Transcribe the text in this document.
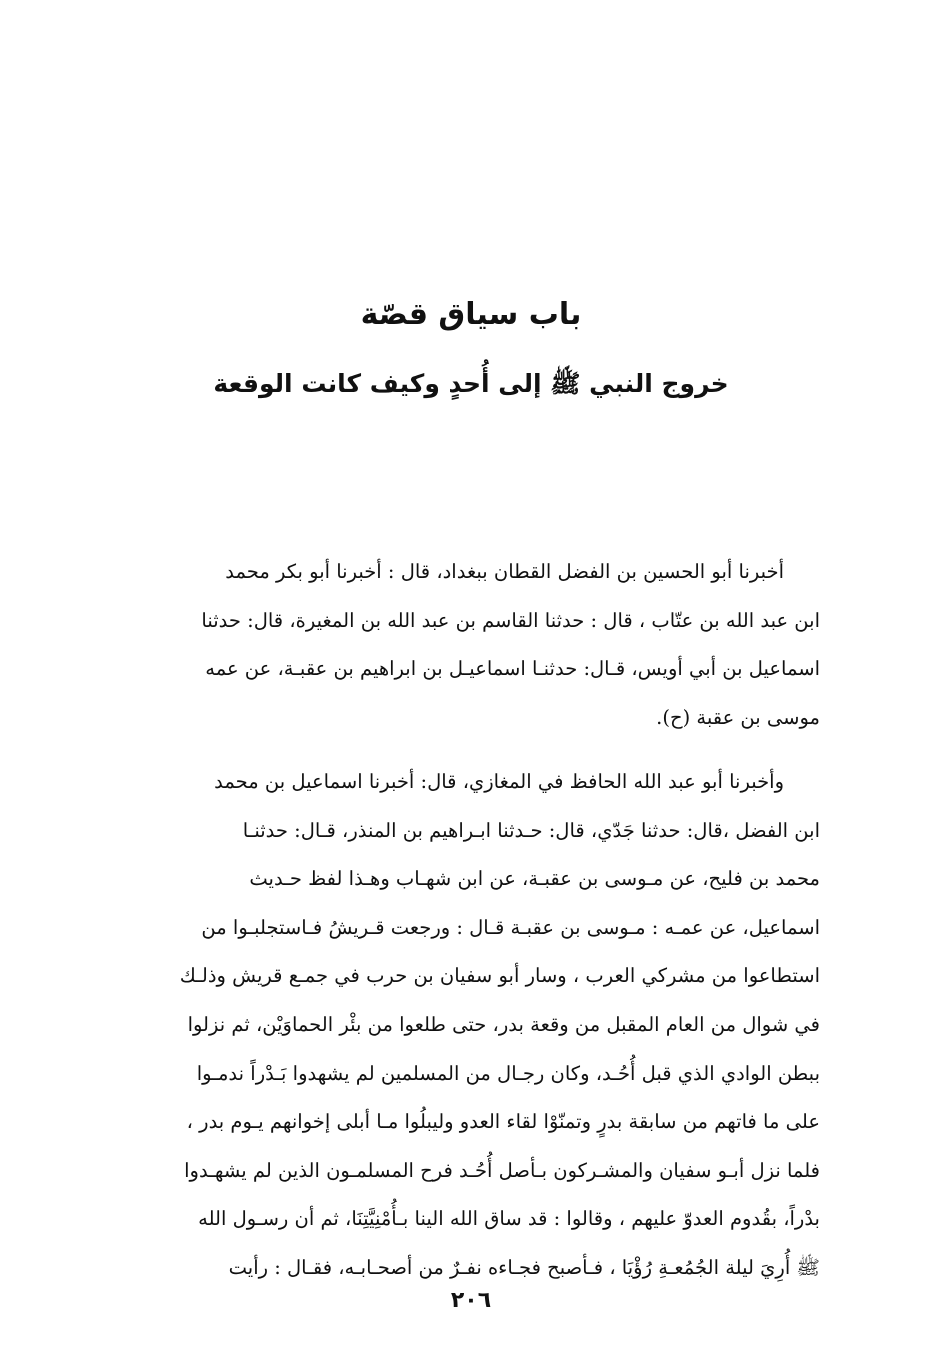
باب سياق قصّة
خروج النبي ﷺ إلى أُحدٍ وكيف كانت الوقعة
أخبرنا أبو الحسين بن الفضل القطان ببغداد، قال : أخبرنا أبو بكر محمد
ابن عبد الله بن عتّاب ، قال : حدثنا القاسم بن عبد الله بن المغيرة، قال: حدثنا
اسماعيل بن أبي أويس، قـال: حدثنـا اسماعيـل بن ابراهيم بن عقبـة، عن عمه
موسى بن عقبة (ح).
وأخبرنا أبو عبد الله الحافظ في المغازي، قال: أخبرنا اسماعيل بن محمد
ابن الفضل ،قال: حدثنا جَدّي، قال: حـدثنا ابـراهيم بن المنذر، قـال: حدثنـا
محمد بن فليح، عن مـوسى بن عقبـة، عن ابن شهـاب وهـذا لفظ حـديث
اسماعيل، عن عمـه : مـوسى بن عقبـة قـال : ورجعت قـريشُ فـاستجلبـوا من
استطاعوا من مشركي العرب ، وسار أبو سفيان بن حرب في جمـع قريش وذلـك
في شوال من العام المقبل من وقعة بدر، حتى طلعوا من بئْر الحماوَيْن، ثم نزلوا
ببطن الوادي الذي قبل أُحُـد، وكان رجـال من المسلمين لم يشهدوا بَـدْراً ندمـوا
على ما فاتهم من سابقة بدرٍ وتمنّوْا لقاء العدو وليبلُوا مـا أبلى إخوانهم يـوم بدر ،
فلما نزل أبـو سفيان والمشـركون بـأصل أُحُـد فرح المسلمـون الذين لم يشهـدوا
بدْراً، بقُدوم العدوّ عليهم ، وقالوا : قد ساق الله الينا بـأُمْنِيَّتِنَا، ثم أن رسـول الله
ﷺ أُرِيَ ليلة الجُمُعـةِ رُؤْيَا ، فـأصبح فجـاءه نفـرٌ من أصحـابـه، فقـال : رأيت
٢٠٦
